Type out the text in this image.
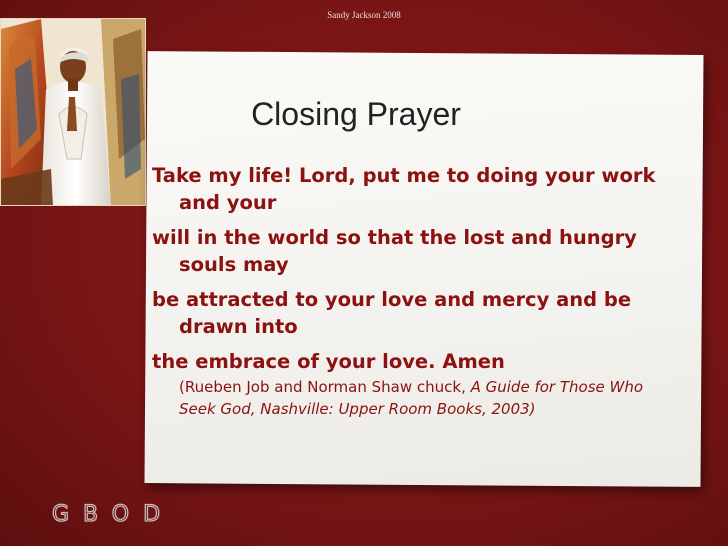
Sandy Jackson 2008
Closing Prayer

Take my life! Lord, put me to doing your work and your

will in the world so that the lost and hungry souls may

be attracted to your love and mercy and be drawn into

the embrace of your love. Amen

(Rueben Job and Norman Shaw chuck, A Guide for Those Who Seek God, Nashville: Upper Room Books, 2003)
GBOD
